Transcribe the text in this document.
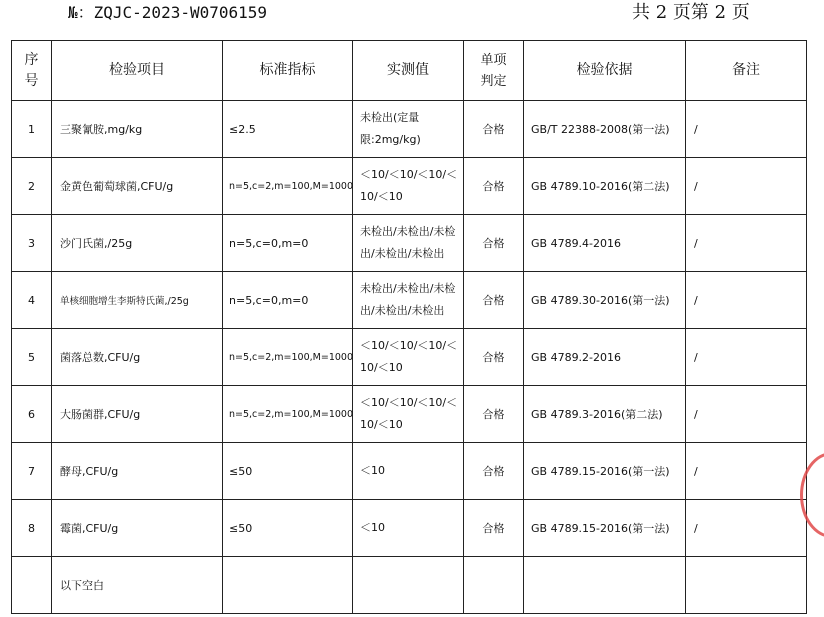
№：ZQJC-2023-W0706159	共 2 页第 2 页
序号	检验项目	标准指标	实测值	单项判定	检验依据	备注
1	三聚氰胺,mg/kg	≤2.5	未检出(定量限:2mg/kg)	合格	GB/T 22388-2008(第一法)	/
2	金黄色葡萄球菌,CFU/g	n=5,c=2,m=100,M=1000	＜10/＜10/＜10/＜10/＜10	合格	GB 4789.10-2016(第二法)	/
3	沙门氏菌,/25g	n=5,c=0,m=0	未检出/未检出/未检出/未检出/未检出	合格	GB 4789.4-2016	/
4	单核细胞增生李斯特氏菌,/25g	n=5,c=0,m=0	未检出/未检出/未检出/未检出/未检出	合格	GB 4789.30-2016(第一法)	/
5	菌落总数,CFU/g	n=5,c=2,m=100,M=1000	＜10/＜10/＜10/＜10/＜10	合格	GB 4789.2-2016	/
6	大肠菌群,CFU/g	n=5,c=2,m=100,M=1000	＜10/＜10/＜10/＜10/＜10	合格	GB 4789.3-2016(第二法)	/
7	酵母,CFU/g	≤50	＜10	合格	GB 4789.15-2016(第一法)	/
8	霉菌,CFU/g	≤50	＜10	合格	GB 4789.15-2016(第一法)	/
	以下空白					
